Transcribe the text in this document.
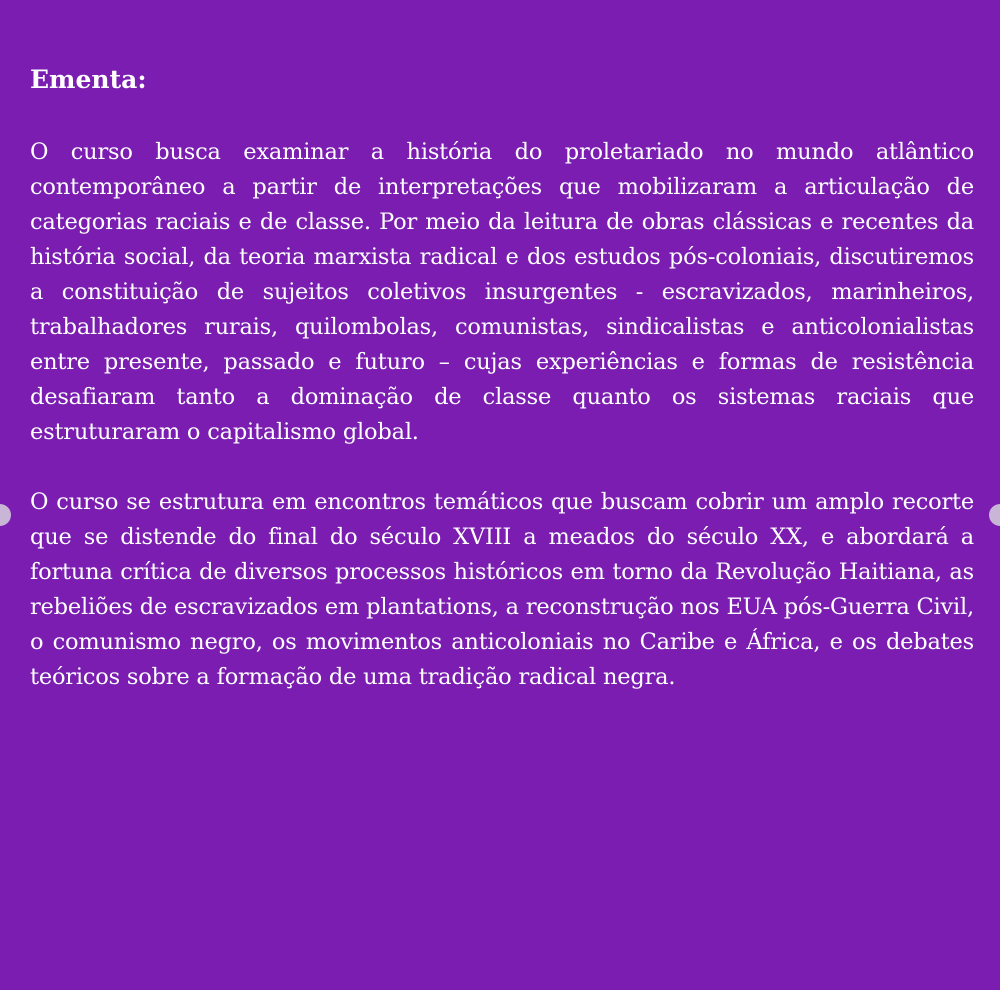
Ementa:

O curso busca examinar a história do proletariado no mundo atlântico contemporâneo a partir de interpretações que mobilizaram a articulação de categorias raciais e de classe. Por meio da leitura de obras clássicas e recentes da história social, da teoria marxista radical e dos estudos pós-coloniais, discutiremos a constituição de sujeitos coletivos insurgentes - escravizados, marinheiros, trabalhadores rurais, quilombolas, comunistas, sindicalistas e anticolonialistas entre presente, passado e futuro – cujas experiências e formas de resistência desafiaram tanto a dominação de classe quanto os sistemas raciais que estruturaram o capitalismo global.

O curso se estrutura em encontros temáticos que buscam cobrir um amplo recorte que se distende do final do século XVIII a meados do século XX, e abordará a fortuna crítica de diversos processos históricos em torno da Revolução Haitiana, as rebeliões de escravizados em plantations, a reconstrução nos EUA pós-Guerra Civil, o comunismo negro, os movimentos anticoloniais no Caribe e África, e os debates teóricos sobre a formação de uma tradição radical negra.
